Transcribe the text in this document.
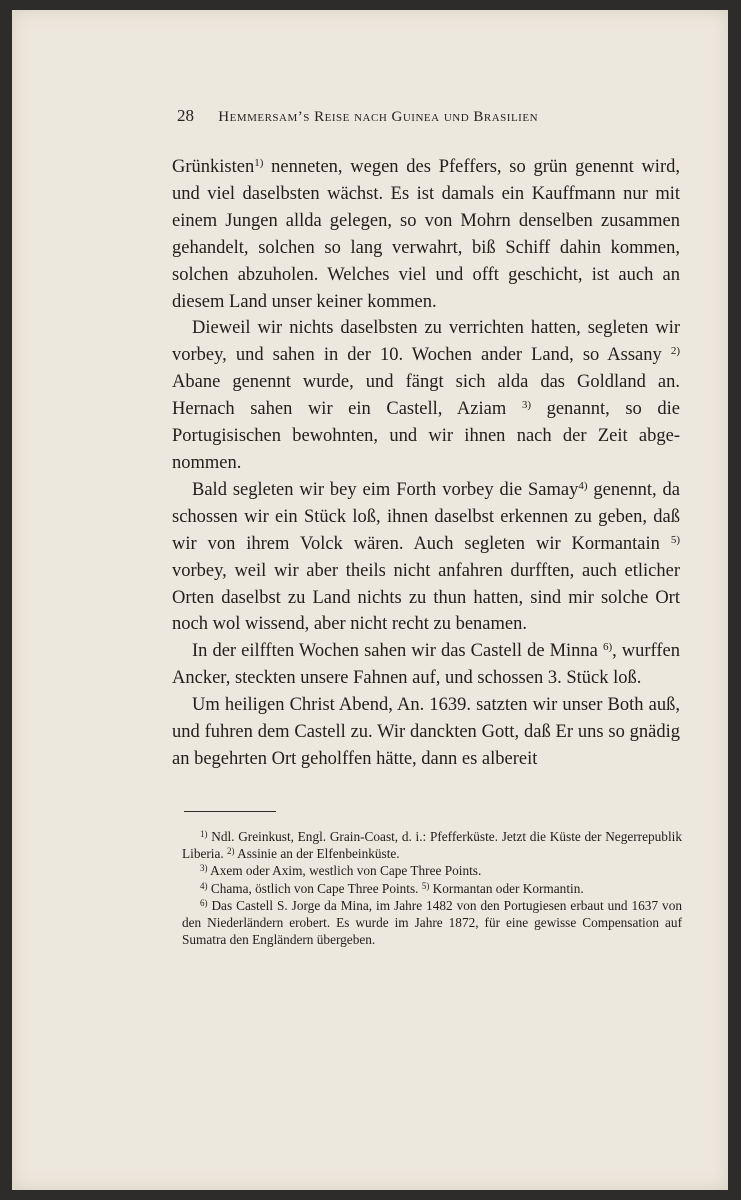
28 Hemmersam’s Reise nach Guinea und Brasilien

Grünkisten$^{1)}$ nenneten, wegen des Pfeffers, so grün genennt wird, und viel daselbsten wächst. Es ist damals ein Kauffmann nur mit einem Jungen allda gelegen, so von Mohrn denselben zusammen gehandelt, solchen so lang verwahrt, biß Schiff dahin kommen, solchen abzuholen. Welches viel und offt geschicht, ist auch an diesem Land unser keiner kommen.

Dieweil wir nichts daselbsten zu verrichten hatten, segleten wir vorbey, und sahen in der 10. Wochen ander Land, so Assany $^{2)}$ Abane genennt wurde, und fängt sich alda das Goldland an. Hernach sahen wir ein Castell, Aziam $^{3)}$ genannt, so die Portugisischen bewohnten, und wir ihnen nach der Zeit abgenommen.

Bald segleten wir bey eim Forth vorbey die Samay$^{4)}$ genennt, da schossen wir ein Stück loß, ihnen daselbst erkennen zu geben, daß wir von ihrem Volck wären. Auch segleten wir Kormantain $^{5)}$ vorbey, weil wir aber theils nicht anfahren durfften, auch etlicher Orten daselbst zu Land nichts zu thun hatten, sind mir solche Ort noch wol wissend, aber nicht recht zu benamen.

In der eilfften Wochen sahen wir das Castell de Minna $^{6)}$, wurffen Ancker, steckten unsere Fahnen auf, und schossen 3. Stück loß.

Um heiligen Christ Abend, An. 1639. satzten wir unser Both auß, und fuhren dem Castell zu. Wir danckten Gott, daß Er uns so gnädig an begehrten Ort geholffen hätte, dann es albereit

$^{1)}$ Ndl. Greinkust, Engl. Grain-Coast, d. i.: Pfefferküste. Jetzt die Küste der Negerrepublik Liberia. $^{2)}$ Assinie an der Elfenbeinküste.

$^{3)}$ Axem oder Axim, westlich von Cape Three Points.

$^{4)}$ Chama, östlich von Cape Three Points. $^{5)}$ Kormantan oder Kormantin.

$^{6)}$ Das Castell S. Jorge da Mina, im Jahre 1482 von den Portugiesen erbaut und 1637 von den Niederländern erobert. Es wurde im Jahre 1872, für eine gewisse Compensation auf Sumatra den Engländern übergeben.
